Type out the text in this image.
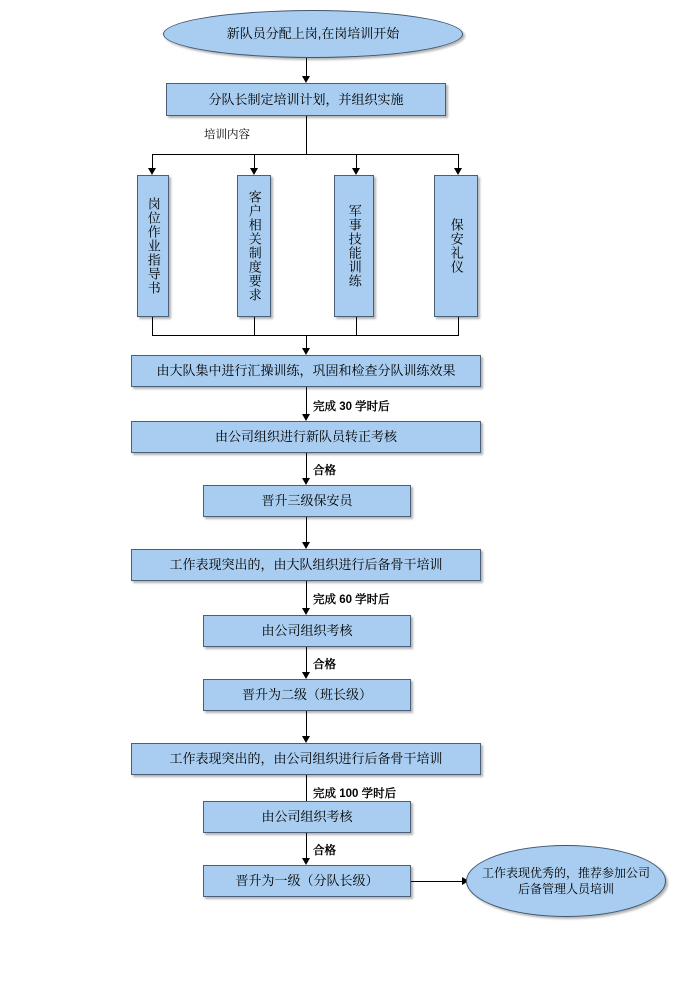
新队员分配上岗,在岗培训开始
分队长制定培训计划，并组织实施
培训内容
岗位作业指导书	客户相关制度要求	军事技能训练	保安礼仪
由大队集中进行汇操训练，巩固和检查分队训练效果
完成 30 学时后
由公司组织进行新队员转正考核
合格
晋升三级保安员
工作表现突出的，由大队组织进行后备骨干培训
完成 60 学时后
由公司组织考核
合格
晋升为二级（班长级）
工作表现突出的，由公司组织进行后备骨干培训
完成 100 学时后
由公司组织考核
合格
晋升为一级（分队长级）
工作表现优秀的，推荐参加公司后备管理人员培训
